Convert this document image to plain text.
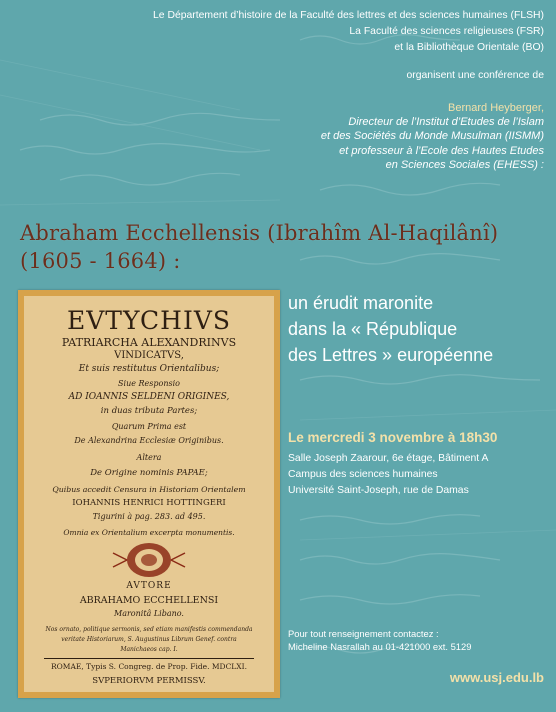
Le Département d’histoire de la Faculté des lettres et des sciences humaines (FLSH)
La Faculté des sciences religieuses (FSR)
et la Bibliothèque Orientale (BO)
organisent une conférence de
Bernard Heyberger,
Directeur de l’Institut d’Etudes de l’Islam
et des Sociétés du Monde Musulman (IISMM)
et professeur à l’Ecole des Hautes Etudes
en Sciences Sociales (EHESS) :
Abraham Ecchellensis (Ibrahîm Al-Haqilânî)
(1605 - 1664) :
EVTYCHIVS
PATRIARCHA ALEXANDRINVS
VINDICATVS,
Et suis restitutus Orientalibus;
Siue Responsio
AD IOANNIS SELDENI ORIGINES,
in duas tributa Partes;
Quarum Prima est
De Alexandrina Ecclesiæ Originibus.
Altera
De Origine nominis PAPAE;
Quibus accedit Censura in Historiam Orientalem
IOHANNIS HENRICI HOTTINGERI
Tigurini à pag. 283. ad 495.
Omnia ex Orientalium excerpta monumentis.
AVTORE
ABRAHAMO ECCHELLENSI
Maronitâ Libano.
Nos ornato, politique sermonis, sed etiam manifestis commendanda
veritate Historiarum, S. Augustinus Librum Genef. contra
Manichaeos cap. I.
ROMAE, Typis S. Congreg. de Prop. Fide. MDCLXI.
SVPERIORVM PERMISSV.
un érudit maronite
dans la « République
des Lettres » européenne
Le mercredi 3 novembre à 18h30
Salle Joseph Zaarour, 6e étage, Bâtiment A
Campus des sciences humaines
Université Saint-Joseph, rue de Damas
Pour tout renseignement contactez :
Micheline Nasrallah au 01-421000 ext. 5129
www.usj.edu.lb
